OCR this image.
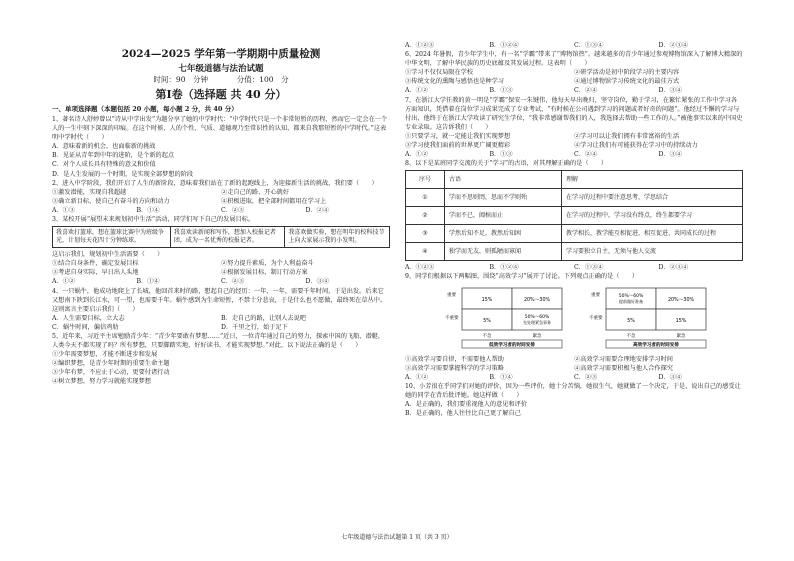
2024—2025 学年第一学期期中质量检测
七年级道德与法治试题
时间：90　分钟	分值：100　分
第Ⅰ卷（选择题 共 40 分）
一、单项选择题（本题包括 20 小题，每小题 2 分，共 40 分）

1、著名诗人舒婷曾以“诗从中学出发”为题分享了她的中学时代：“中学时代只是一个非常短暂的历程，然而它一定会在一个人的一生中刻下深深的印痕。在这个时候，人的个性、气质、道德观乃至常识性的认知，都来自我那短暂的中学时代。”这表明中学时代（　　）

A．意味着新的机会，也面临新的挑战

B．见证从青年到中年的进阶，是个新的起点

C．对个人成长具有特殊的意义和价值

D．是人生发展的一个时期，是实现全部梦想的阶段

2、进入中学阶段，我们开启了人生的新阶段，意味着我们站在了新的起跑线上，为迎接新生活的挑战，我们要（　　）

①激发潜能，实现自我超越	②走自己的路，开心就好
③确立新目标，使自己有奋斗的方向和动力	④积极进取，把全部时间都用在学习上
A．①③	B．①④	C．②③	D．②④

3、某校开展“展望未来规划初中生活”活动，同学们写下自己的发展目标。

我喜欢打篮球，想在篮球比赛中为班级争光，计划每天花四十分钟练球。	我喜欢读新闻和写作，想加入校报记者团，成为一名优秀的校报记者。	我喜欢做实验，想在明年的校科技节上向大家展示我的小发明。

这启示我们，规划初中生活需要（　　）

①结合自身条件，确定发展目标	②努力提升素质，为个人利益奋斗
③考虑自身实际，早日出人头地	④根据发展目标，制订行动方案
A．①②	B．①④	C．②③	D．③④

4、一只蜗牛，他成功地爬上了长城，他回首来时的路，想起自己的经历：一年、一年，需要千年时间，于是出发。后来它又想南下陕到长江水，可一望，也需要千年。蜗牛感到为生命短暂，不禁十分悲哀，于是什么也不愿做，最终死在草丛中。这则寓言主要启示我们（　　）

A．人生需要目标，立大志	B．走自己的路，让别人去说吧
C．蜗牛时间，偏信鸡肋	D．千里之行，始于足下

5、近年来，习近平主席勉励青少年：“青少年要敢有梦想……”近日，一位青年通过自己的努力，探索中国的飞船、潜艇，人类今天不都实现了吗？所有梦想，只要脚踏实地，好好读书，才能实现梦想。”对此，以下说法正确的是（　　）

①少年需要梦想，才能不断进步和发展

②编织梦想，是青少年时期的重要生命主题

③少年有梦，不应止于心动，更要付诸行动

④树立梦想，努力学习就能实现梦想

A．①②③	B．①②④	C．①③④	D．②③④

6、2024 年暑假，青少年学生中，有一名“学霸”带来了“博物馆热”。越来越多的青少年通过参观博物馆深入了解博大精深的中华文明，了解中华民族的历史底蕴及其发展过程。这表明（　　）

①学习不仅仅局限在学校	②研学活动是初中阶段学习的主要内容
③传统文化的熏陶与感悟也是种学习	④通过博物馆学习传统文化的最佳方式
A．①②	B．①③	C．②④	D．③④

7、在浙江大学任教的黄一明是“学霸”保安一朱键伟，他每天早出晚归，坚守岗位，勤于学习，在繁忙紧张的工作中学习各方面知识，凭借着在岗位学习成果完成了专业考试，“有时候在公司遇到学习的问题或者好奇的问题”。他经过不懈的学习与付出，他终于在浙江大学攻读了研究生学位，“我非常感谢帮我们的人，我选择去帮助一些工作的人。”被他事实以来的中国史专业录取。这告诉我们（　　）

①只要学习，就一定能让我们实现梦想	②学习可以让我们拥有非常富裕的生活
③学习使我们面前的世界更广阔更精彩	④学习让我们有可能获得在学习中的持续动力
A．①②	B．①③	C．②④	D．③④

8、以下是某班同学交流的关于“学习”的古语，对其理解正确的是（　　）

序号	古语	理解
①	学而不思则罔，思而不学则殆	在学习的过程中要注意思考，学思结合
②	学而不已，阖棺而止	在学习的过程中，学习没有终点，终生都要学习
③	学然后知不足，教然后知困	教学相长，教学能互相促进，相互促进、共同成长的过程
④	独学而无友，则孤陋而寡闻	学习要独立自主，无须与他人交流
A．①②③	B．①②④	C．①③④	D．②③④

9、同学们根据以下两幅图，围绕“高效学习”展开了讨论。下列观点正确的是（　　）

重要
不重要
15%	20%～30%
5%
50%～60%
先处理紧急事务
不急	紧急
低效学习者的时间安排
重要
不重要
50%～60%
提前做好准备	20%～30%
5%	15%
不急	紧急
高效学习者的时间安排
①高效学习要自律，不需要他人帮助	②高效学习需要合理地安排学习时间
③高效学习需要掌握科学的学习策略	④高效学习需要积极与他人合作探究
A．①②	B．①④	C．②③	D．③④

10、小芳很在乎同学们对她的评价，因为一些评价，她十分苦恼，她很生气，她就做了一个决定，于是，说出自己的感受让她的同学在背后批评她。她这样做（　　）

A．是正确的，我们要重视他人的意见和评价

B．是正确的，他人往往比自己更了解自己

七年级道德与法治试题第 1 页（共 3 页）
